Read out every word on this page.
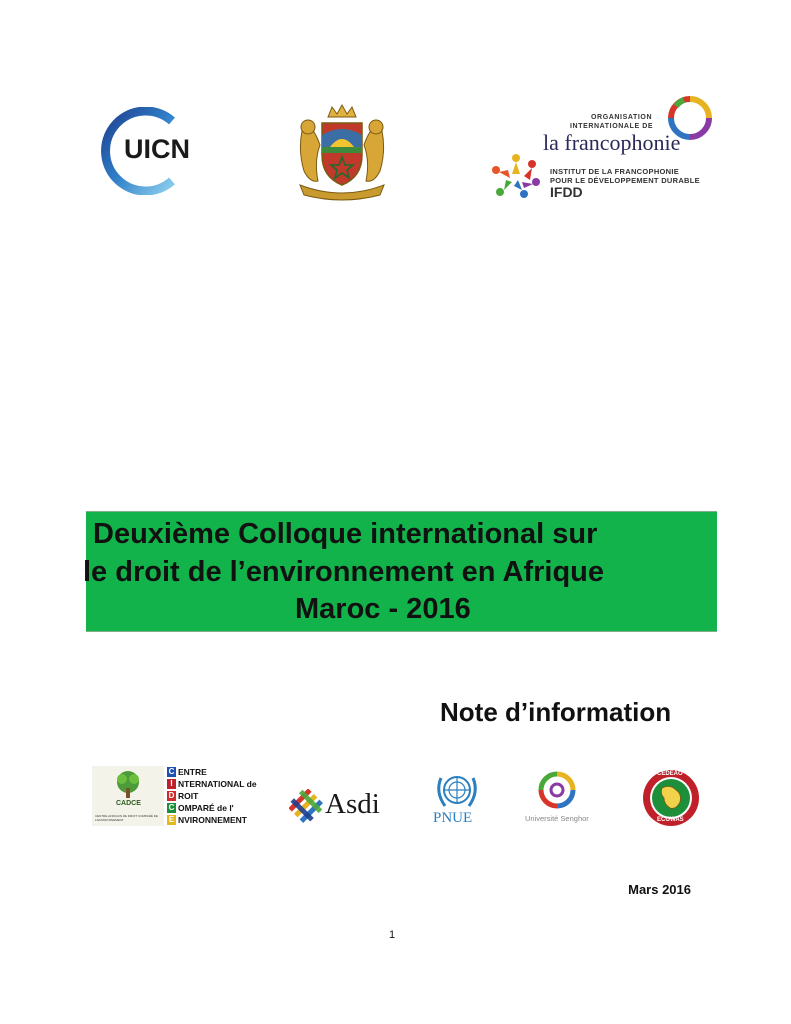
UICN
ORGANISATION
INTERNATIONALE DE
la francophonie
INSTITUT DE LA FRANCOPHONIE
POUR LE DÉVELOPPEMENT DURABLE
IFDD
Deuxième Colloque international sur
le droit de l’environnement en Afrique
Maroc - 2016
Note d’information
CADCE
CENTRE AFRICAIN DE DROIT COMPARÉ DE L'ENVIRONNEMENT
C ENTRE
I NTERNATIONAL de
D ROIT
C OMPARÉ de l'
E NVIRONNEMENT	Asdi	PNUE	Université Senghor
CEDEAO
ECOWAS
Mars 2016
1
